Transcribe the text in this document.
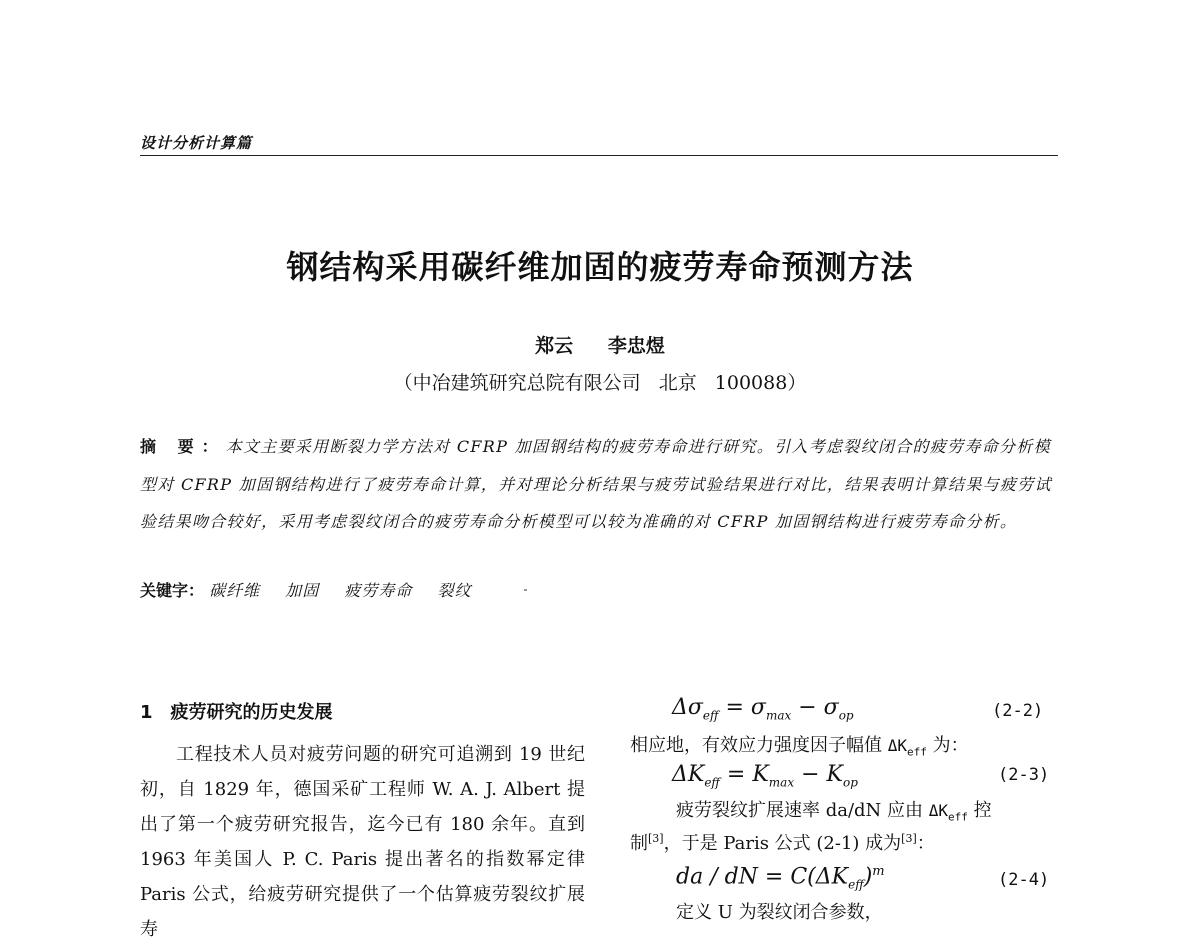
设计分析计算篇
钢结构采用碳纤维加固的疲劳寿命预测方法
郑云 李忠煜
（中冶建筑研究总院有限公司 北京 100088）

摘 要：本文主要采用断裂力学方法对 CFRP 加固钢结构的疲劳寿命进行研究。引入考虑裂纹闭合的疲劳寿命分析模型对 CFRP 加固钢结构进行了疲劳寿命计算，并对理论分析结果与疲劳试验结果进行对比，结果表明计算结果与疲劳试验结果吻合较好，采用考虑裂纹闭合的疲劳寿命分析模型可以较为准确的对 CFRP 加固钢结构进行疲劳寿命分析。

关键字： 碳纤维 加固 疲劳寿命 裂纹
1 疲劳研究的历史发展
工程技术人员对疲劳问题的研究可追溯到 19 世纪初，自 1829 年，德国采矿工程师 W. A. J. Albert 提出了第一个疲劳研究报告，迄今已有 180 余年。直到 1963 年美国人 P. C. Paris 提出著名的指数幂定律 Paris 公式，给疲劳研究提供了一个估算疲劳裂纹扩展寿
$\Delta\sigma_{eff} = \sigma_{max} - \sigma_{op}$	(2-2)
相应地，有效应力强度因子幅值 $\Delta K_{eff}$ 为：
$\Delta K_{eff} = K_{max} - K_{op}$	(2-3)
疲劳裂纹扩展速率 da/dN 应由 $\Delta K_{eff}$ 控
制[3]，于是 Paris 公式 (2-1) 成为[3]：
da / dN = $C(\Delta K_{eff})^m$	(2-4)
定义 U 为裂纹闭合参数，
